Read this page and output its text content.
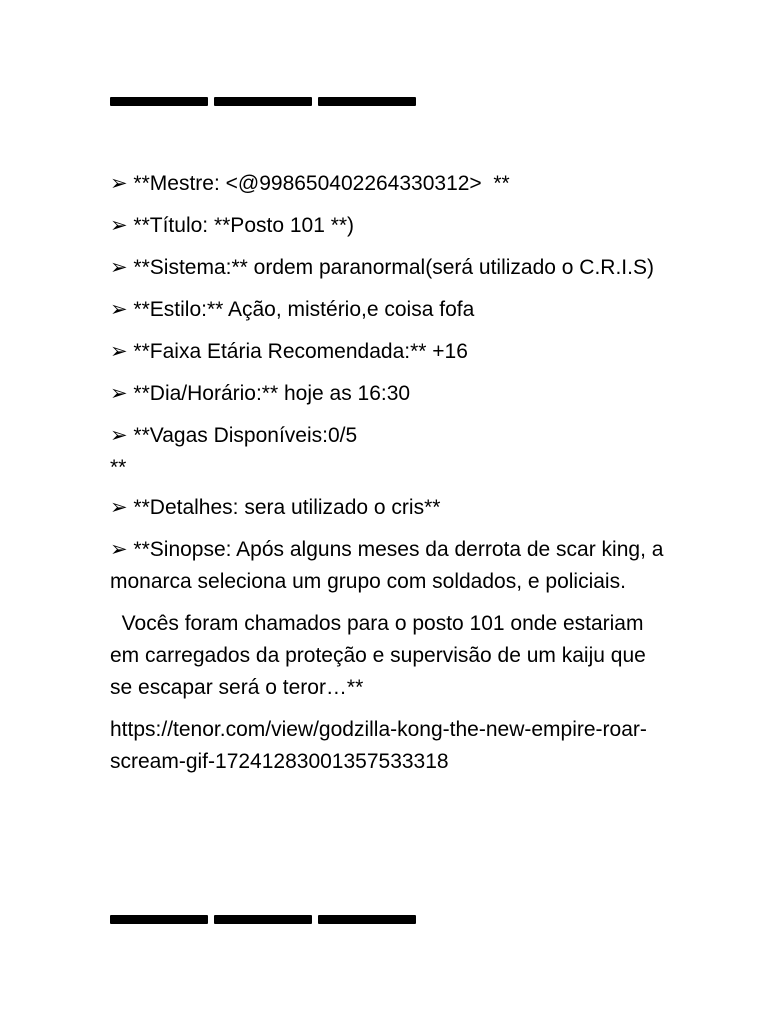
➢ **Mestre: <@998650402264330312>  **

➢ **Título: **Posto 101 **)

➢ **Sistema:** ordem paranormal(será utilizado o C.R.I.S)

➢ **Estilo:** Ação, mistério,e coisa fofa

➢ **Faixa Etária Recomendada:** +16

➢ **Dia/Horário:** hoje as 16:30

➢ **Vagas Disponíveis:0/5

**

➢ **Detalhes: sera utilizado o cris**

➢ **Sinopse: Após alguns meses da derrota de scar king, a monarca seleciona um grupo com soldados, e policiais.

Vocês foram chamados para o posto 101 onde estariam em carregados da proteção e supervisão de um kaiju que se escapar será o teror…**

https://tenor.com/view/godzilla-kong-the-new-empire-roar-scream-gif-17241283001357533318
